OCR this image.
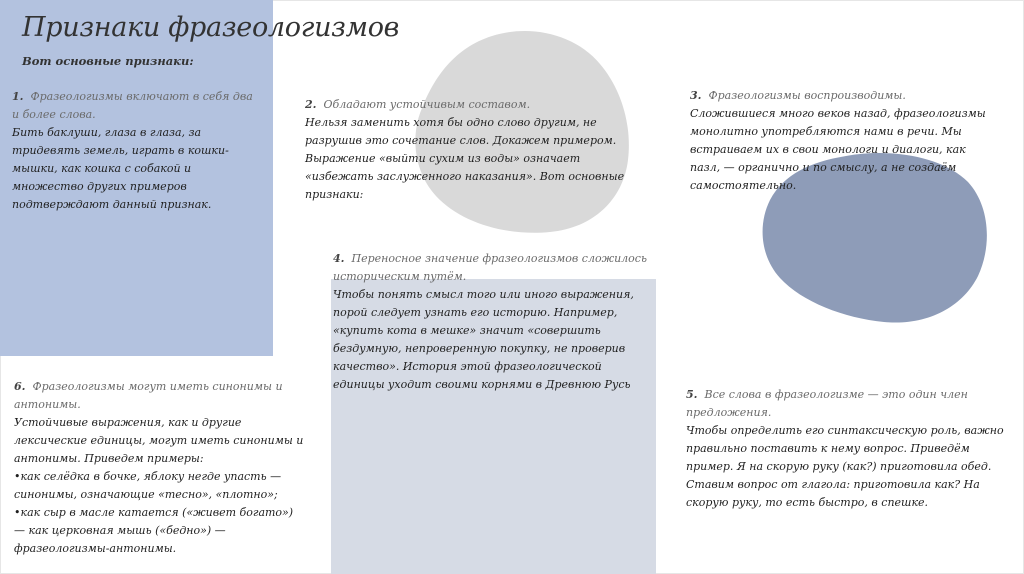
Признаки фразеологизмов
Вот основные признаки:

1. Фразеологизмы включают в себя два и более слова.

Бить баклуши, глаза в глаза, за тридевять земель, играть в кошки-мышки, как кошка с собакой и множество других примеров подтверждают данный признак.

2. Обладают устойчивым составом.

Нельзя заменить хотя бы одно слово другим, не разрушив это сочетание слов. Докажем примером. Выражение «выйти сухим из воды» означает «избежать заслуженного наказания». Вот основные признаки:

3. Фразеологизмы воспроизводимы.

Сложившиеся много веков назад, фразеологизмы монолитно употребляются нами в речи. Мы встраиваем их в свои монологи и диалоги, как пазл, — органично и по смыслу, а не создаём самостоятельно.

4. Переносное значение фразеологизмов сложилось историческим путём.

Чтобы понять смысл того или иного выражения, порой следует узнать его историю. Например, «купить кота в мешке» значит «совершить бездумную, непроверенную покупку, не проверив качество». История этой фразеологической единицы уходит своими корнями в Древнюю Русь

5. Все слова в фразеологизме — это один член предложения.

Чтобы определить его синтаксическую роль, важно правильно поставить к нему вопрос. Приведём пример. Я на скорую руку (как?) приготовила обед. Ставим вопрос от глагола: приготовила как? На скорую руку, то есть быстро, в спешке.

6. Фразеологизмы могут иметь синонимы и антонимы.

Устойчивые выражения, как и другие лексические единицы, могут иметь синонимы и антонимы. Приведем примеры:

•как селёдка в бочке, яблоку негде упасть — синонимы, означающие «тесно», «плотно»;

•как сыр в масле катается («живет богато») — как церковная мышь («бедно») — фразеологизмы-антонимы.
